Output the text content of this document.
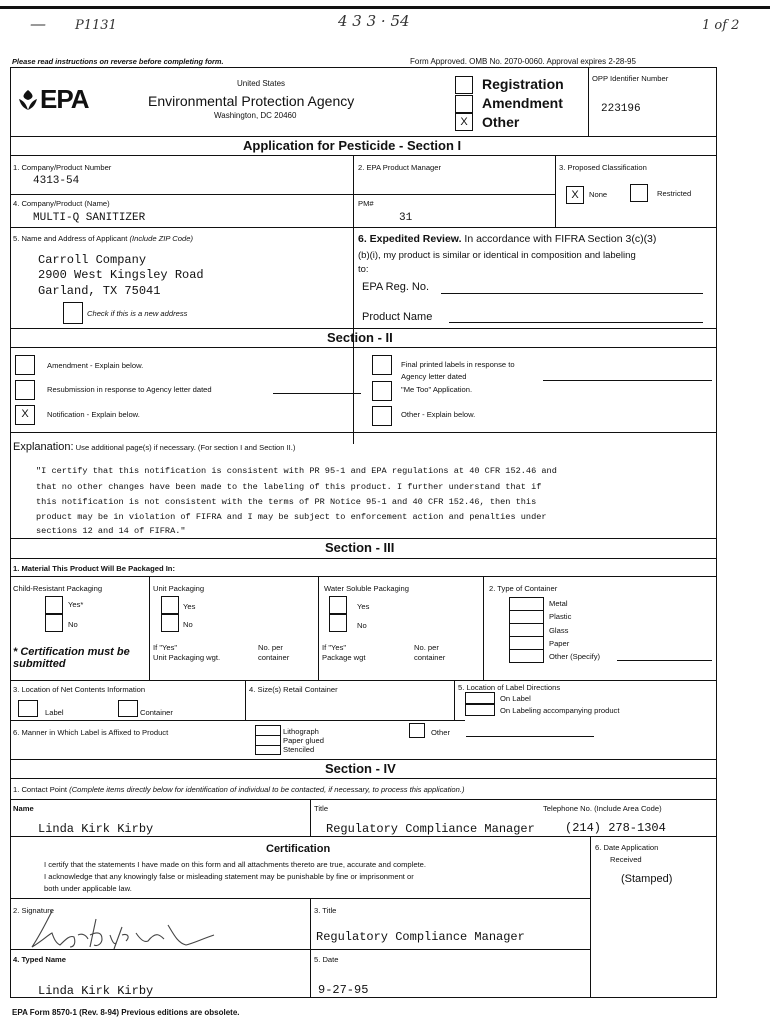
— P1131	4 3 3 · 54	1 of 2
Please read instructions on reverse before completing form.	Form Approved. OMB No. 2070-0060. Approval expires 2-28-95
EPA
United States
Environmental Protection Agency
Washington, DC 20460
X
Registration
Amendment
Other
OPP Identifier Number
223196
Application for Pesticide - Section I
1. Company/Product Number
4313-54
2. EPA Product Manager	3. Proposed Classification
X	None	Restricted
4. Company/Product (Name)
MULTI-Q SANITIZER
PM#
31
5. Name and Address of Applicant (Include ZIP Code)
Carroll Company
2900 West Kingsley Road
Garland, TX 75041
Check if this is a new address
6. Expedited Review. In accordance with FIFRA Section 3(c)(3)
(b)(i), my product is similar or identical in composition and labeling
to:
EPA Reg. No.
Product Name
Section - II
Amendment - Explain below.
Resubmission in response to Agency letter dated
X	Notification - Explain below.
Final printed labels in response to
Agency letter dated
"Me Too" Application.
Other - Explain below.
Explanation: Use additional page(s) if necessary. (For section I and Section II.)
"I certify that this notification is consistent with PR 95-1 and EPA regulations at 40 CFR 152.46 and
that no other changes have been made to the labeling of this product. I further understand that if
this notification is not consistent with the terms of PR Notice 95-1 and 40 CFR 152.46, then this
product may be in violation of FIFRA and I may be subject to enforcement action and penalties under
sections 12 and 14 of FIFRA."
Section - III
1. Material This Product Will Be Packaged In:
Child-Resistant Packaging
Yes*
No
* Certification must be submitted
Unit Packaging
Yes
No
If "Yes"
Unit Packaging wgt.
No. per
container
Water Soluble Packaging
Yes
No
If "Yes"
Package wgt
No. per
container
2. Type of Container
Metal
Plastic
Glass
Paper
Other (Specify)
3. Location of Net Contents Information
Label	Container
4. Size(s) Retail Container	5. Location of Label Directions
On Label
On Labeling accompanying product
6. Manner in Which Label is Affixed to Product	Lithograph
Paper glued
Stenciled
Other
Section - IV
1. Contact Point (Complete items directly below for identification of individual to be contacted, if necessary, to process this application.)
Name
Linda Kirk Kirby
Title
Regulatory Compliance Manager
Telephone No. (Include Area Code)
(214) 278-1304
Certification
I certify that the statements I have made on this form and all attachments thereto are true, accurate and complete.
I acknowledge that any knowingly false or misleading statement may be punishable by fine or imprisonment or
both under applicable law.
6. Date Application
Received
(Stamped)
2. Signature	3. Title
Regulatory Compliance Manager
4. Typed Name
Linda Kirk Kirby
5. Date
9-27-95
EPA Form 8570-1 (Rev. 8-94) Previous editions are obsolete.
